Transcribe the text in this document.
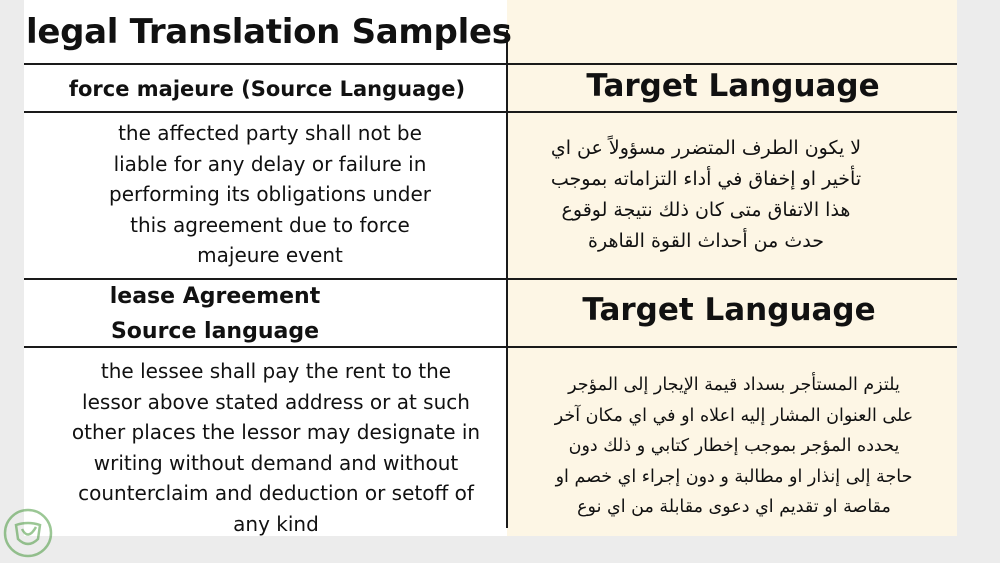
legal Translation Samples
force majeure (Source Language)	Target Language
the affected party shall not be
liable for any delay or failure in
performing its obligations under
this agreement due to force
majeure event
لا يكون الطرف المتضرر مسؤولاً عن اي
تأخير او إخفاق في أداء التزاماته بموجب
هذا الاتفاق متى كان ذلك نتيجة لوقوع
حدث من أحداث القوة القاهرة
lease Agreement
Source language
Target Language
the lessee shall pay the rent to the
lessor above stated address or at such
other places the lessor may designate in
writing without demand and without
counterclaim and deduction or setoff of
any kind
يلتزم المستأجر بسداد قيمة الإيجار إلى المؤجر
على العنوان المشار إليه اعلاه او في اي مكان آخر
يحدده المؤجر بموجب إخطار كتابي و ذلك دون
حاجة إلى إنذار او مطالبة و دون إجراء اي خصم او
مقاصة او تقديم اي دعوى مقابلة من اي نوع
